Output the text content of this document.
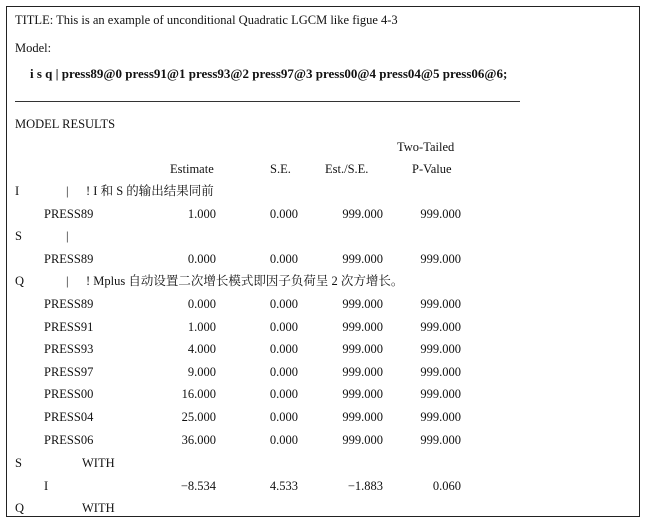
TITLE: This is an example of unconditional Quadratic LGCM like figue 4-3
Model:
i s q | press89@0 press91@1 press93@2 press97@3 press00@4 press04@5 press06@6;
MODEL RESULTS
Two-Tailed
Estimate	S.E.	Est./S.E.	P-Value
I	| ! I 和 S 的输出结果同前
PRESS89	1.000	0.000	999.000	999.000
S	|
PRESS89	0.000	0.000	999.000	999.000
Q	| ! Mplus 自动设置二次增长模式即因子负荷呈 2 次方增长。
PRESS89	0.000	0.000	999.000	999.000
PRESS91	1.000	0.000	999.000	999.000
PRESS93	4.000	0.000	999.000	999.000
PRESS97	9.000	0.000	999.000	999.000
PRESS00	16.000	0.000	999.000	999.000
PRESS04	25.000	0.000	999.000	999.000
PRESS06	36.000	0.000	999.000	999.000
S	WITH
I	−8.534	4.533	−1.883	0.060
Q	WITH
